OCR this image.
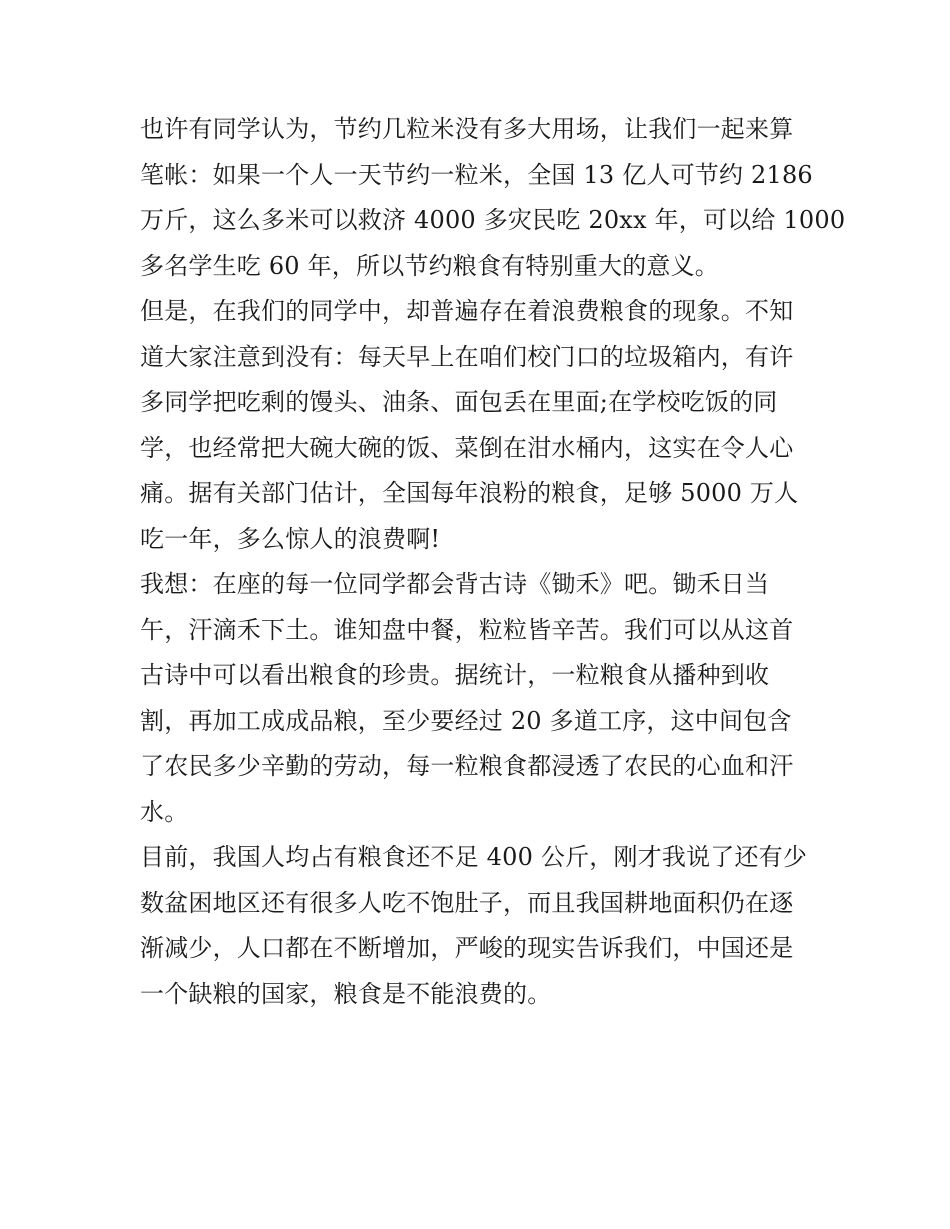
也许有同学认为，节约几粒米没有多大用场，让我们一起来算
笔帐：如果一个人一天节约一粒米，全国 13 亿人可节约 2186
万斤，这么多米可以救济 4000 多灾民吃 20xx 年，可以给 1000
多名学生吃 60 年，所以节约粮食有特别重大的意义。
但是，在我们的同学中，却普遍存在着浪费粮食的现象。不知
道大家注意到没有：每天早上在咱们校门口的垃圾箱内，有许
多同学把吃剩的馒头、油条、面包丢在里面;在学校吃饭的同
学，也经常把大碗大碗的饭、菜倒在泔水桶内，这实在令人心
痛。据有关部门估计，全国每年浪粉的粮食，足够 5000 万人
吃一年，多么惊人的浪费啊!
我想：在座的每一位同学都会背古诗《锄禾》吧。锄禾日当
午，汗滴禾下土。谁知盘中餐，粒粒皆辛苦。我们可以从这首
古诗中可以看出粮食的珍贵。据统计，一粒粮食从播种到收
割，再加工成成品粮，至少要经过 20 多道工序，这中间包含
了农民多少辛勤的劳动，每一粒粮食都浸透了农民的心血和汗
水。
目前，我国人均占有粮食还不足 400 公斤，刚才我说了还有少
数盆困地区还有很多人吃不饱肚子，而且我国耕地面积仍在逐
渐减少，人口都在不断增加，严峻的现实告诉我们，中国还是
一个缺粮的国家，粮食是不能浪费的。
